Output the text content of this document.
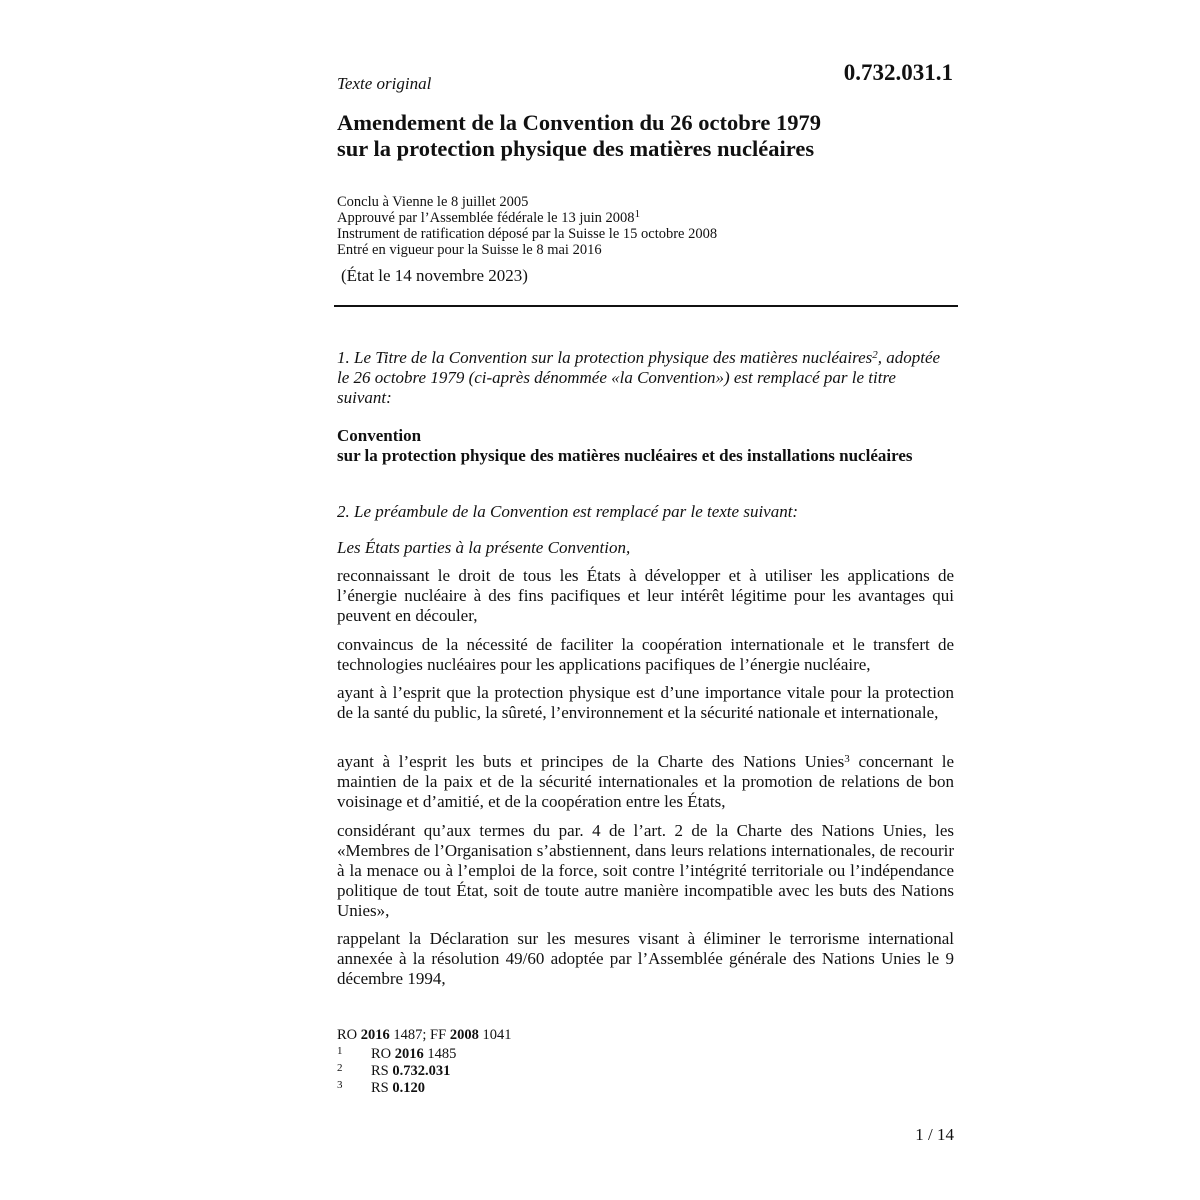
Texte original	0.732.031.1
Amendement de la Convention du 26 octobre 1979
sur la protection physique des matières nucléaires
Conclu à Vienne le 8 juillet 2005
Approuvé par l’Assemblée fédérale le 13 juin 2008$^1$
Instrument de ratification déposé par la Suisse le 15 octobre 2008
Entré en vigueur pour la Suisse le 8 mai 2016
(État le 14 novembre 2023)
1. Le Titre de la Convention sur la protection physique des matières nucléaires$^2$, adoptée le 26 octobre 1979 (ci-après dénommée «la Convention») est remplacé par le titre suivant:
Convention
sur la protection physique des matières nucléaires et des installations nucléaires
2. Le préambule de la Convention est remplacé par le texte suivant:
Les États parties à la présente Convention,
reconnaissant le droit de tous les États à développer et à utiliser les applications de l’énergie nucléaire à des fins pacifiques et leur intérêt légitime pour les avantages qui peuvent en découler,
convaincus de la nécessité de faciliter la coopération internationale et le transfert de technologies nucléaires pour les applications pacifiques de l’énergie nucléaire,
ayant à l’esprit que la protection physique est d’une importance vitale pour la protection de la santé du public, la sûreté, l’environnement et la sécurité nationale et internationale,
ayant à l’esprit les buts et principes de la Charte des Nations Unies$^3$ concernant le maintien de la paix et de la sécurité internationales et la promotion de relations de bon voisinage et d’amitié, et de la coopération entre les États,
considérant qu’aux termes du par. 4 de l’art. 2 de la Charte des Nations Unies, les «Membres de l’Organisation s’abstiennent, dans leurs relations internationales, de recourir à la menace ou à l’emploi de la force, soit contre l’intégrité territoriale ou l’indépendance politique de tout État, soit de toute autre manière incompatible avec les buts des Nations Unies»,
rappelant la Déclaration sur les mesures visant à éliminer le terrorisme international annexée à la résolution 49/60 adoptée par l’Assemblée générale des Nations Unies le 9 décembre 1994,
RO 2016 1487; FF 2008 1041
1 RO 2016 1485
2 RS 0.732.031
3 RS 0.120
1 / 14
